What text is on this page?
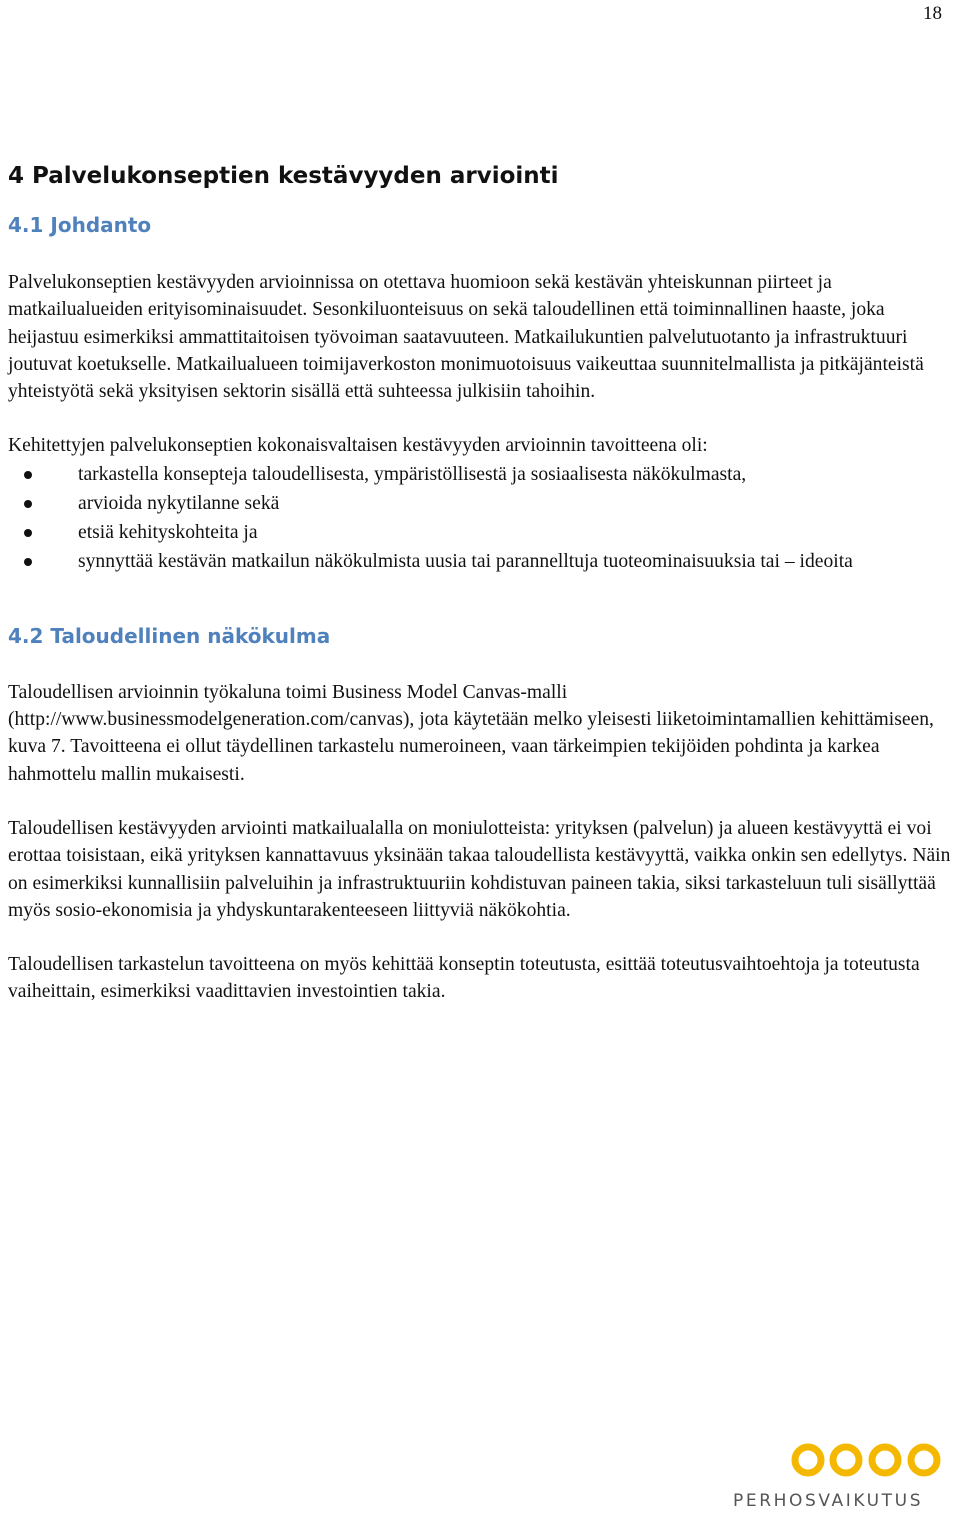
18
4 Palvelukonseptien kestävyyden arviointi
4.1 Johdanto

Palvelukonseptien kestävyyden arvioinnissa on otettava huomioon sekä kestävän yhteiskunnan piirteet ja matkailualueiden erityisominaisuudet. Sesonkiluonteisuus on sekä taloudellinen että toiminnallinen haaste, joka heijastuu esimerkiksi ammattitaitoisen työvoiman saatavuuteen. Matkailukuntien palvelutuotanto ja infrastruktuuri joutuvat koetukselle. Matkailualueen toimijaverkoston monimuotoisuus vaikeuttaa suunnitelmallista ja pitkäjänteistä yhteistyötä sekä yksityisen sektorin sisällä että suhteessa julkisiin tahoihin.

Kehitettyjen palvelukonseptien kokonaisvaltaisen kestävyyden arvioinnin tavoitteena oli:

tarkastella konsepteja taloudellisesta, ympäristöllisestä ja sosiaalisesta näkökulmasta,
arvioida nykytilanne sekä
etsiä kehityskohteita ja
synnyttää kestävän matkailun näkökulmista uusia tai parannelltuja tuoteominaisuuksia tai – ideoita
4.2 Taloudellinen näkökulma

Taloudellisen arvioinnin työkaluna toimi Business Model Canvas-malli (http://www.businessmodelgeneration.com/canvas), jota käytetään melko yleisesti liiketoimintamallien kehittämiseen, kuva 7. Tavoitteena ei ollut täydellinen tarkastelu numeroineen, vaan tärkeimpien tekijöiden pohdinta ja karkea hahmottelu mallin mukaisesti.

Taloudellisen kestävyyden arviointi matkailualalla on moniulotteista: yrityksen (palvelun) ja alueen kestävyyttä ei voi erottaa toisistaan, eikä yrityksen kannattavuus yksinään takaa taloudellista kestävyyttä, vaikka onkin sen edellytys. Näin on esimerkiksi kunnallisiin palveluihin ja infrastruktuuriin kohdistuvan paineen takia, siksi tarkasteluun tuli sisällyttää myös sosio-ekonomisia ja yhdyskuntarakenteeseen liittyviä näkökohtia.

Taloudellisen tarkastelun tavoitteena on myös kehittää konseptin toteutusta, esittää toteutusvaihtoehtoja ja toteutusta vaiheittain, esimerkiksi vaadittavien investointien takia.

PERHOSVAIKUTUS
